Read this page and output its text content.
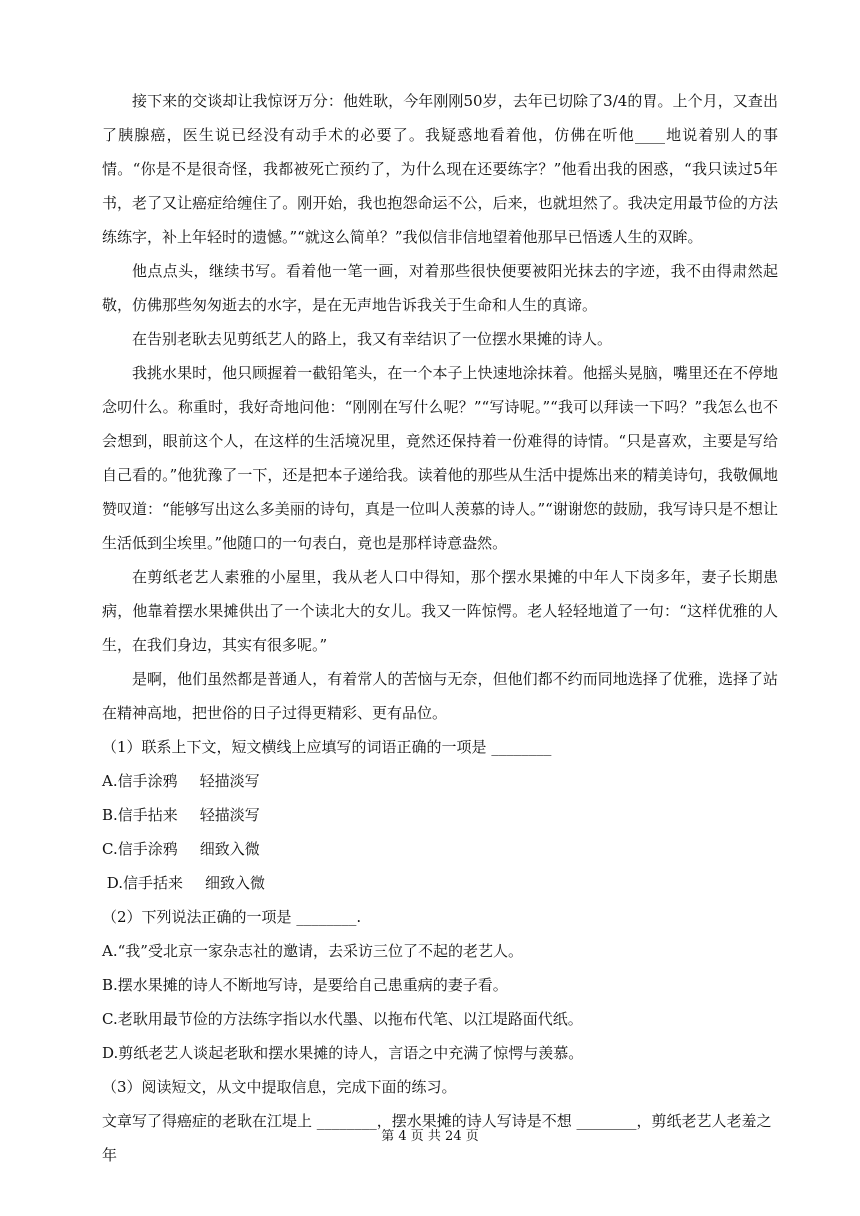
接下来的交谈却让我惊讶万分：他姓耿，今年刚刚50岁，去年已切除了3/4的胃。上个月，又查出了胰腺癌，医生说已经没有动手术的必要了。我疑惑地看着他，仿佛在听他____地说着别人的事情。“你是不是很奇怪，我都被死亡预约了，为什么现在还要练字？”他看出我的困惑，“我只读过5年书，老了又让癌症给缠住了。刚开始，我也抱怨命运不公，后来，也就坦然了。我决定用最节俭的方法练练字，补上年轻时的遗憾。”“就这么简单？”我似信非信地望着他那早已悟透人生的双眸。

他点点头，继续书写。看着他一笔一画，对着那些很快便要被阳光抹去的字迹，我不由得肃然起敬，仿佛那些匆匆逝去的水字，是在无声地告诉我关于生命和人生的真谛。

在告别老耿去见剪纸艺人的路上，我又有幸结识了一位摆水果摊的诗人。

我挑水果时，他只顾握着一截铅笔头，在一个本子上快速地涂抹着。他摇头晃脑，嘴里还在不停地念叨什么。称重时，我好奇地问他：“刚刚在写什么呢？”“写诗呢。”“我可以拜读一下吗？”我怎么也不会想到，眼前这个人，在这样的生活境况里，竟然还保持着一份难得的诗情。“只是喜欢，主要是写给自己看的。”他犹豫了一下，还是把本子递给我。读着他的那些从生活中提炼出来的精美诗句，我敬佩地赞叹道：“能够写出这么多美丽的诗句，真是一位叫人羡慕的诗人。”“谢谢您的鼓励，我写诗只是不想让生活低到尘埃里。”他随口的一句表白，竟也是那样诗意盎然。

在剪纸老艺人素雅的小屋里，我从老人口中得知，那个摆水果摊的中年人下岗多年，妻子长期患病，他靠着摆水果摊供出了一个读北大的女儿。我又一阵惊愕。老人轻轻地道了一句：“这样优雅的人生，在我们身边，其实有很多呢。”

是啊，他们虽然都是普通人，有着常人的苦恼与无奈，但他们都不约而同地选择了优雅，选择了站在精神高地，把世俗的日子过得更精彩、更有品位。

（1）联系上下文，短文横线上应填写的词语正确的一项是 ________
A.信手涂鸦 轻描淡写
B.信手拈来 轻描淡写
C.信手涂鸦 细致入微
D.信手括来 细致入微
（2）下列说法正确的一项是 ________.
A.“我”受北京一家杂志社的邀请，去采访三位了不起的老艺人。
B.摆水果摊的诗人不断地写诗，是要给自己患重病的妻子看。
C.老耿用最节俭的方法练字指以水代墨、以拖布代笔、以江堤路面代纸。
D.剪纸老艺人谈起老耿和摆水果摊的诗人，言语之中充满了惊愕与羡慕。
（3）阅读短文，从文中提取信息，完成下面的练习。
文章写了得癌症的老耿在江堤上 ________，摆水果摊的诗人写诗是不想 ________，剪纸老艺人老羞之年
第 4 页 共 24 页
